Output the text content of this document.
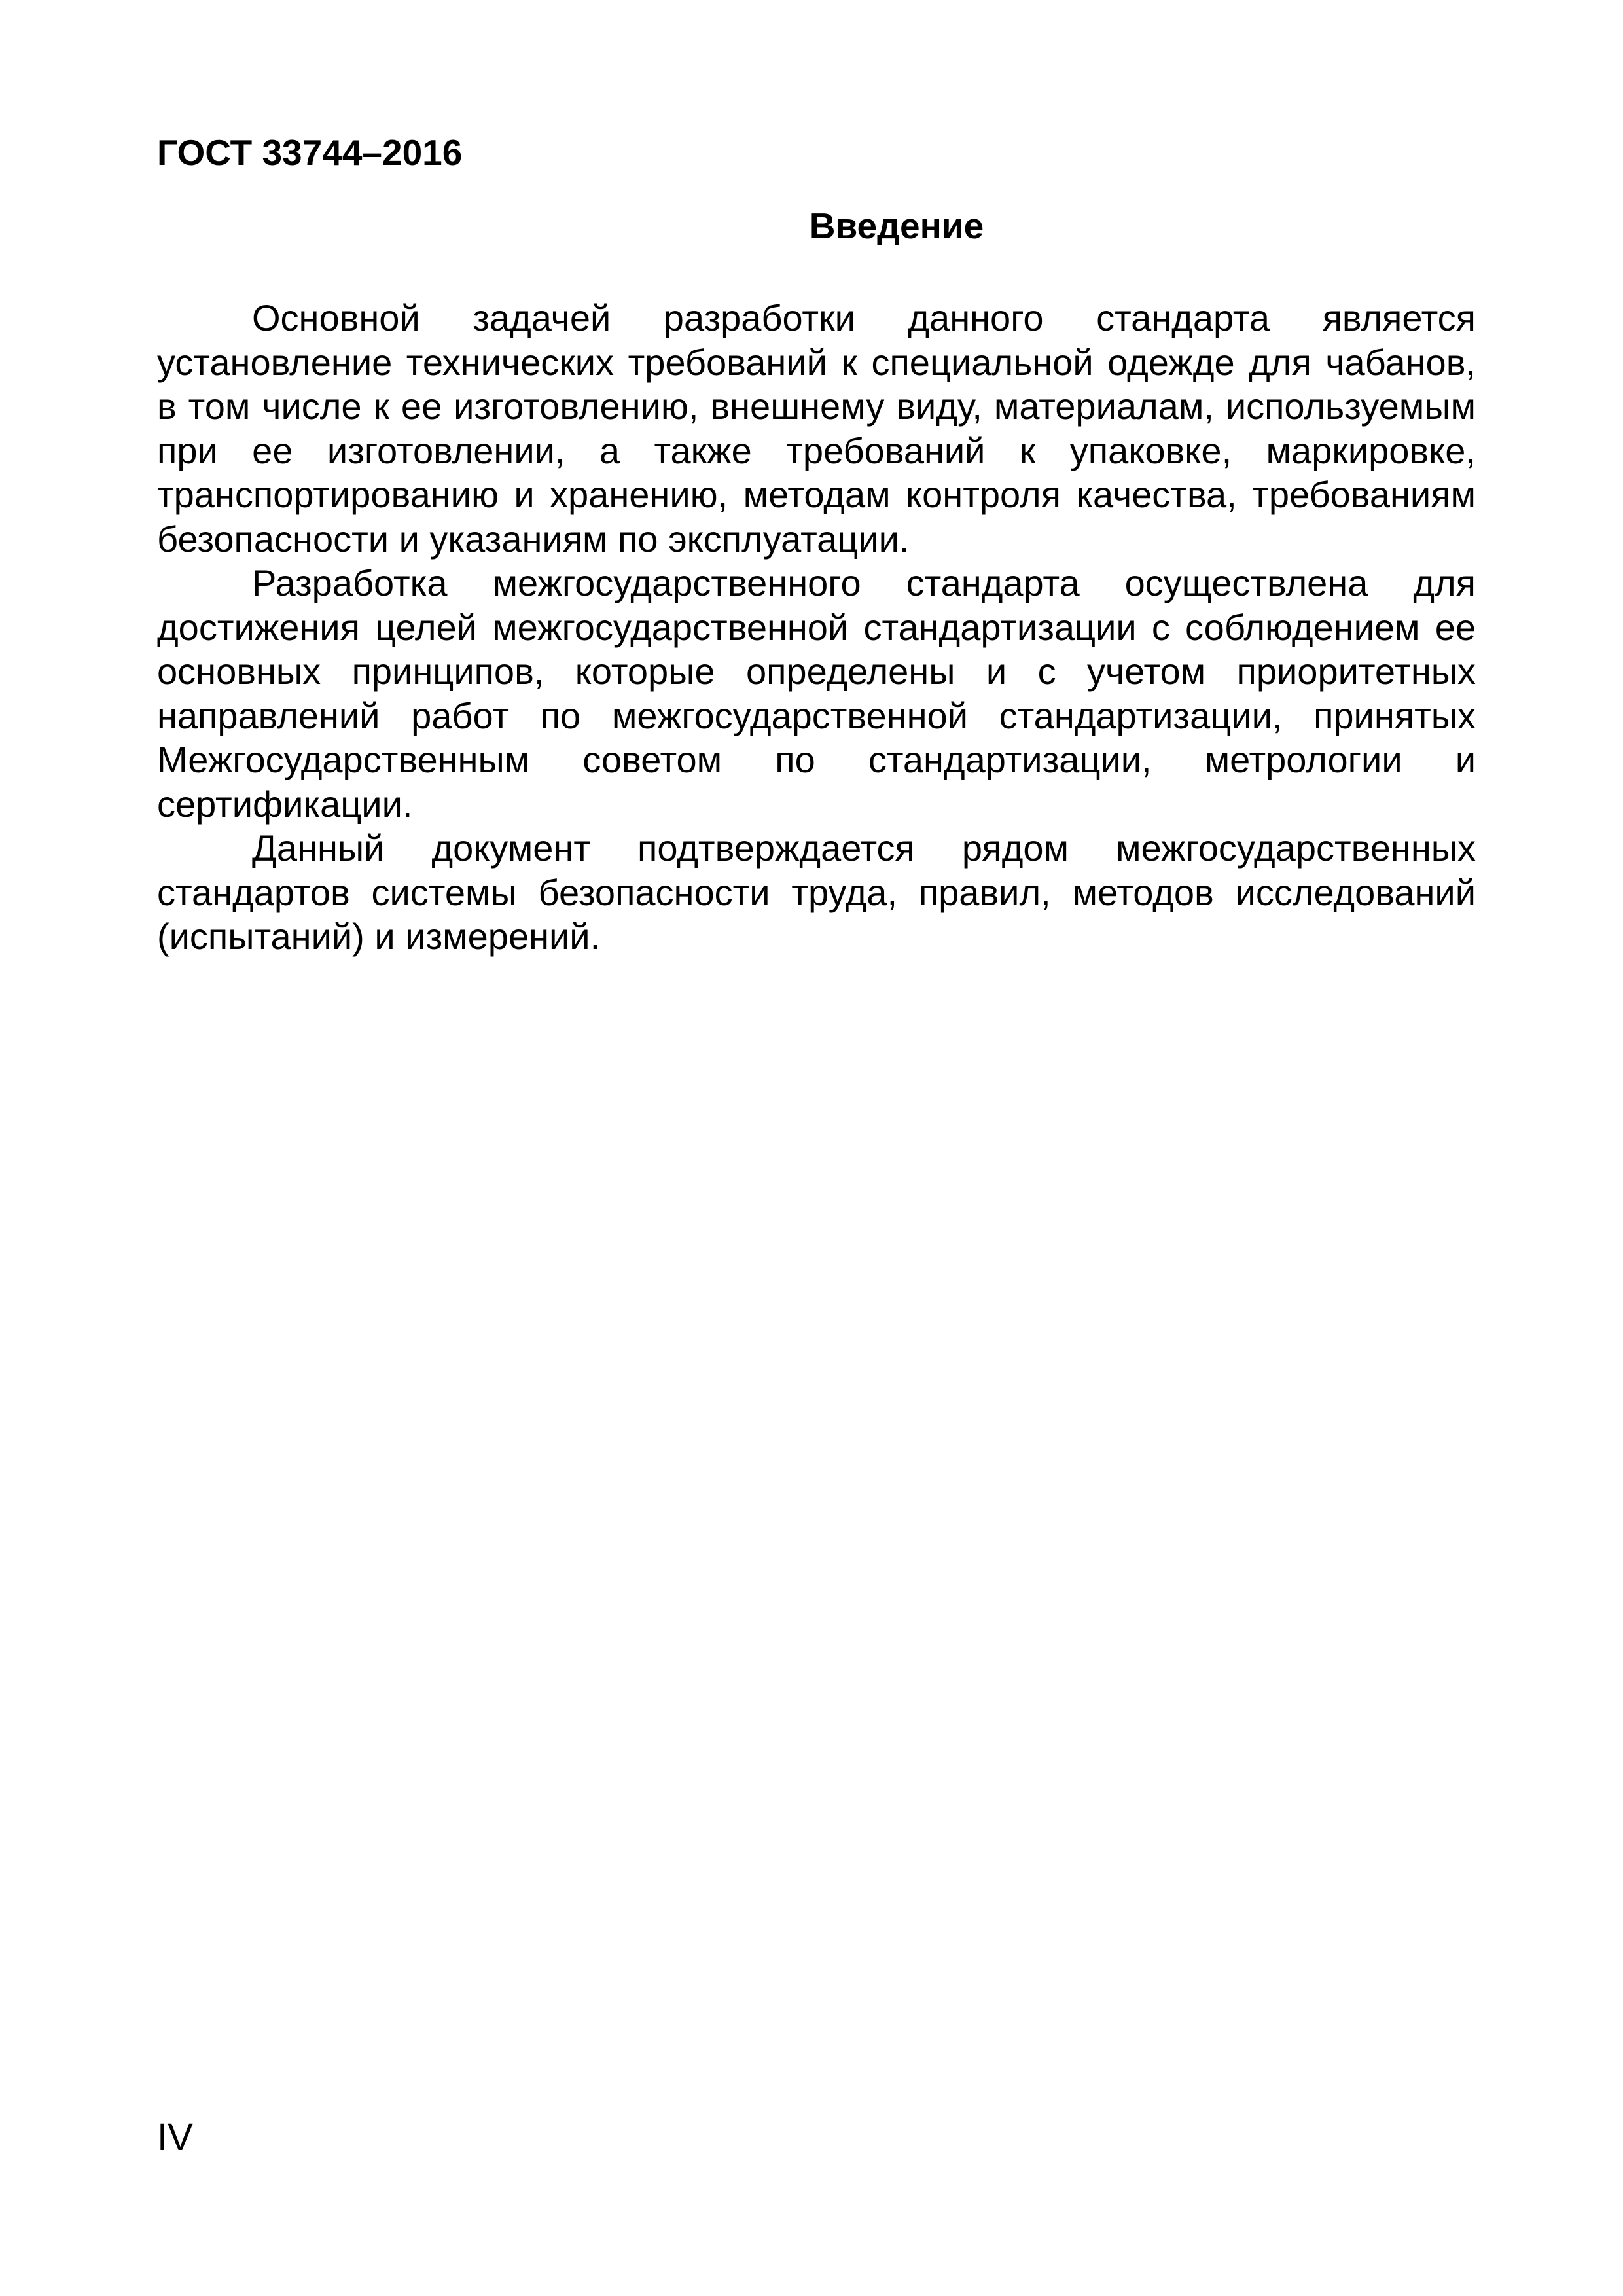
ГОСТ 33744–2016
Введение

Основной задачей разработки данного стандарта является установление технических требований к специальной одежде для чабанов, в том числе к ее изготовлению, внешнему виду, материалам, используемым при ее изготовлении, а также требований к упаковке, маркировке, транспортированию и хранению, методам контроля качества, требованиям безопасности и указаниям по эксплуатации.

Разработка межгосударственного стандарта осуществлена для достижения целей межгосударственной стандартизации с соблюдением ее основных принципов, которые определены и с учетом приоритетных направлений работ по межгосударственной стандартизации, принятых Межгосударственным советом по стандартизации, метрологии и сертификации.

Данный документ подтверждается рядом межгосударственных стандартов системы безопасности труда, правил, методов исследований (испытаний) и измерений.

IV
